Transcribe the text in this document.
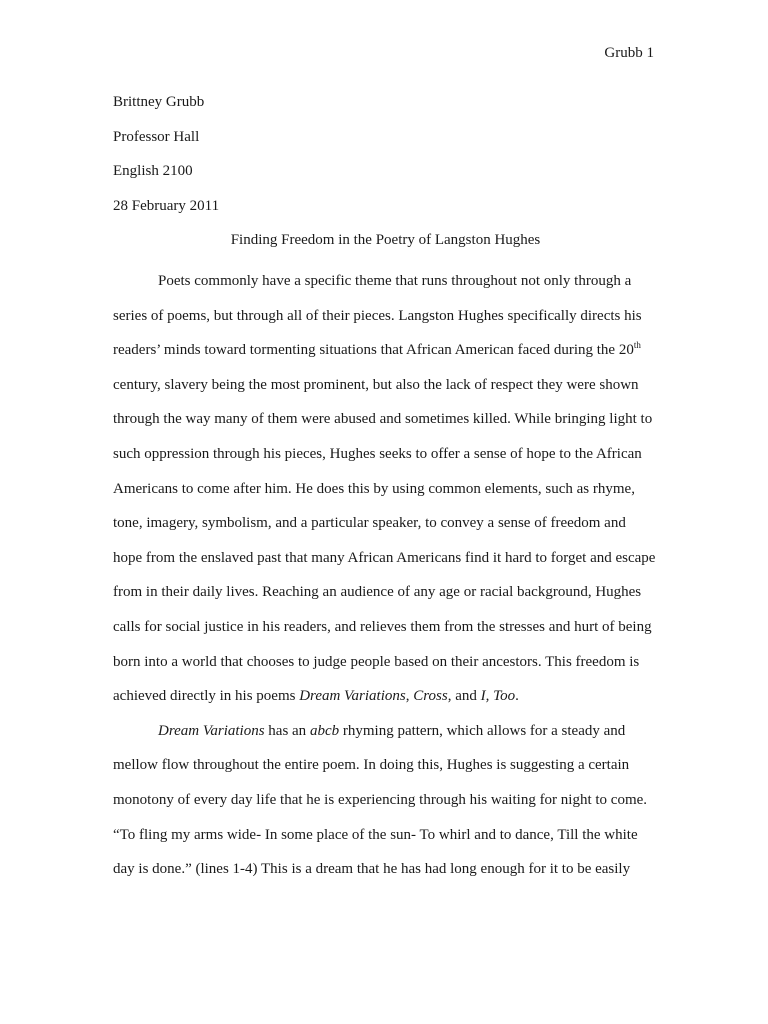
Grubb 1
Brittney Grubb
Professor Hall
English 2100
28 February 2011
Finding Freedom in the Poetry of Langston Hughes

Poets commonly have a specific theme that runs throughout not only through a series of poems, but through all of their pieces. Langston Hughes specifically directs his readers’ minds toward tormenting situations that African American faced during the 20th century, slavery being the most prominent, but also the lack of respect they were shown through the way many of them were abused and sometimes killed. While bringing light to such oppression through his pieces, Hughes seeks to offer a sense of hope to the African Americans to come after him. He does this by using common elements, such as rhyme, tone, imagery, symbolism, and a particular speaker, to convey a sense of freedom and hope from the enslaved past that many African Americans find it hard to forget and escape from in their daily lives. Reaching an audience of any age or racial background, Hughes calls for social justice in his readers, and relieves them from the stresses and hurt of being born into a world that chooses to judge people based on their ancestors. This freedom is achieved directly in his poems Dream Variations, Cross, and I, Too.

Dream Variations has an abcb rhyming pattern, which allows for a steady and mellow flow throughout the entire poem. In doing this, Hughes is suggesting a certain monotony of every day life that he is experiencing through his waiting for night to come. “To fling my arms wide- In some place of the sun- To whirl and to dance, Till the white day is done.” (lines 1-4) This is a dream that he has had long enough for it to be easily
